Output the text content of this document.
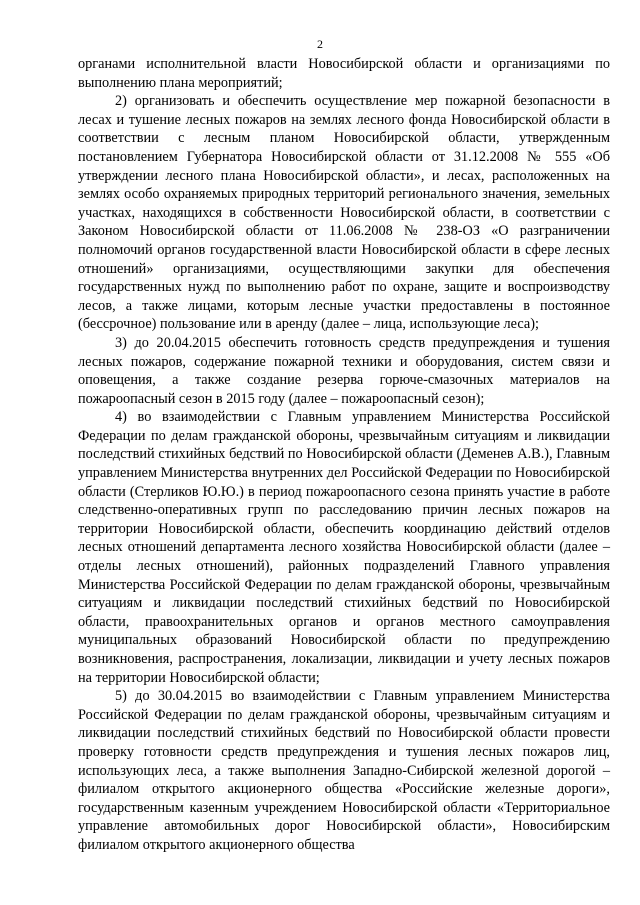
2

органами исполнительной власти Новосибирской области и организациями по выполнению плана мероприятий;

2) организовать и обеспечить осуществление мер пожарной безопасности в лесах и тушение лесных пожаров на землях лесного фонда Новосибирской области в соответствии с лесным планом Новосибирской области, утвержденным постановлением Губернатора Новосибирской области от 31.12.2008 № 555 «Об утверждении лесного плана Новосибирской области», и лесах, расположенных на землях особо охраняемых природных территорий регионального значения, земельных участках, находящихся в собственности Новосибирской области, в соответствии с Законом Новосибирской области от 11.06.2008 № 238-ОЗ «О разграничении полномочий органов государственной власти Новосибирской области в сфере лесных отношений» организациями, осуществляющими закупки для обеспечения государственных нужд по выполнению работ по охране, защите и воспроизводству лесов, а также лицами, которым лесные участки предоставлены в постоянное (бессрочное) пользование или в аренду (далее – лица, использующие леса);

3) до 20.04.2015 обеспечить готовность средств предупреждения и тушения лесных пожаров, содержание пожарной техники и оборудования, систем связи и оповещения, а также создание резерва горюче-смазочных материалов на пожароопасный сезон в 2015 году (далее – пожароопасный сезон);

4) во взаимодействии с Главным управлением Министерства Российской Федерации по делам гражданской обороны, чрезвычайным ситуациям и ликвидации последствий стихийных бедствий по Новосибирской области (Деменев А.В.), Главным управлением Министерства внутренних дел Российской Федерации по Новосибирской области (Стерликов Ю.Ю.) в период пожароопасного сезона принять участие в работе следственно-оперативных групп по расследованию причин лесных пожаров на территории Новосибирской области, обеспечить координацию действий отделов лесных отношений департамента лесного хозяйства Новосибирской области (далее – отделы лесных отношений), районных подразделений Главного управления Министерства Российской Федерации по делам гражданской обороны, чрезвычайным ситуациям и ликвидации последствий стихийных бедствий по Новосибирской области, правоохранительных органов и органов местного самоуправления муниципальных образований Новосибирской области по предупреждению возникновения, распространения, локализации, ликвидации и учету лесных пожаров на территории Новосибирской области;

5) до 30.04.2015 во взаимодействии с Главным управлением Министерства Российской Федерации по делам гражданской обороны, чрезвычайным ситуациям и ликвидации последствий стихийных бедствий по Новосибирской области провести проверку готовности средств предупреждения и тушения лесных пожаров лиц, использующих леса, а также выполнения Западно-Сибирской железной дорогой – филиалом открытого акционерного общества «Российские железные дороги», государственным казенным учреждением Новосибирской области «Территориальное управление автомобильных дорог Новосибирской области», Новосибирским филиалом открытого акционерного общества
